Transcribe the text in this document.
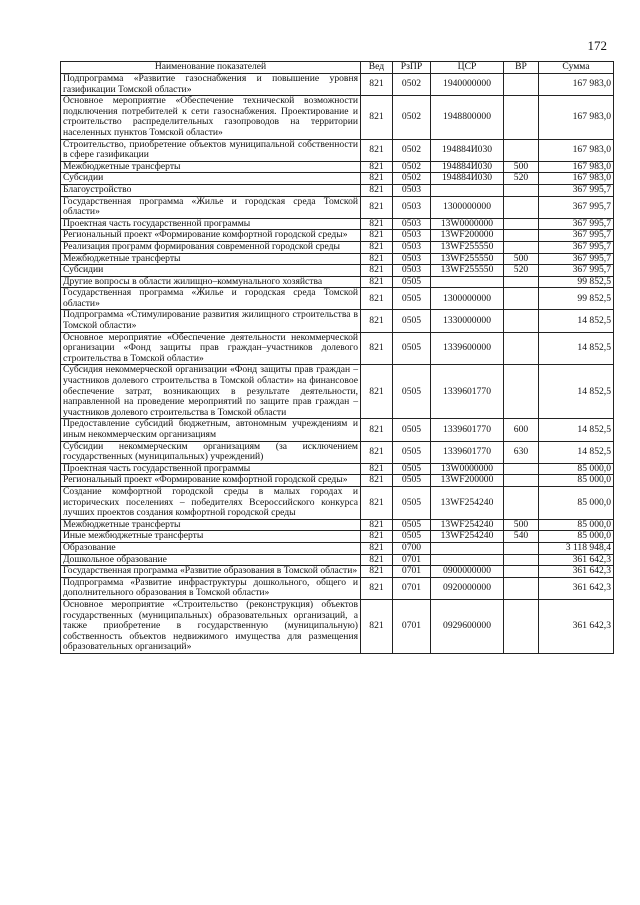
172
Наименование показателей	Вед	РзПР	ЦСР	ВР	Сумма
Подпрограмма «Развитие газоснабжения и повышение уровня газификации Томской области»	821	0502	1940000000		167 983,0
Основное мероприятие «Обеспечение технической возможности подключения потребителей к сети газоснабжения. Проектирование и строительство распределительных газопроводов на территории населенных пунктов Томской области»	821	0502	1948800000		167 983,0
Строительство, приобретение объектов муниципальной собственности в сфере газификации	821	0502	194884И030		167 983,0
Межбюджетные трансферты	821	0502	194884И030	500	167 983,0
Субсидии	821	0502	194884И030	520	167 983,0
Благоустройство	821	0503			367 995,7
Государственная программа «Жилье и городская среда Томской области»	821	0503	1300000000		367 995,7
Проектная часть государственной программы	821	0503	13W0000000		367 995,7
Региональный проект «Формирование комфортной городской среды»	821	0503	13WF200000		367 995,7
Реализация программ формирования современной городской среды	821	0503	13WF255550		367 995,7
Межбюджетные трансферты	821	0503	13WF255550	500	367 995,7
Субсидии	821	0503	13WF255550	520	367 995,7
Другие вопросы в области жилищно–коммунального хозяйства	821	0505			99 852,5
Государственная программа «Жилье и городская среда Томской области»	821	0505	1300000000		99 852,5
Подпрограмма «Стимулирование развития жилищного строительства в Томской области»	821	0505	1330000000		14 852,5
Основное мероприятие «Обеспечение деятельности некоммерческой организации «Фонд защиты прав граждан–участников долевого строительства в Томской области»	821	0505	1339600000		14 852,5
Субсидия некоммерческой организации «Фонд защиты прав граждан – участников долевого строительства в Томской области» на финансовое обеспечение затрат, возникающих в результате деятельности, направленной на проведение мероприятий по защите прав граждан – участников долевого строительства в Томской области	821	0505	1339601770		14 852,5
Предоставление субсидий бюджетным, автономным учреждениям и иным некоммерческим организациям	821	0505	1339601770	600	14 852,5
Субсидии некоммерческим организациям (за исключением государственных (муниципальных) учреждений)	821	0505	1339601770	630	14 852,5
Проектная часть государственной программы	821	0505	13W0000000		85 000,0
Региональный проект «Формирование комфортной городской среды»	821	0505	13WF200000		85 000,0
Создание комфортной городской среды в малых городах и исторических поселениях – победителях Всероссийского конкурса лучших проектов создания комфортной городской среды	821	0505	13WF254240		85 000,0
Межбюджетные трансферты	821	0505	13WF254240	500	85 000,0
Иные межбюджетные трансферты	821	0505	13WF254240	540	85 000,0
Образование	821	0700			3 118 948,4
Дошкольное образование	821	0701			361 642,3
Государственная программа «Развитие образования в Томской области»	821	0701	0900000000		361 642,3
Подпрограмма «Развитие инфраструктуры дошкольного, общего и дополнительного образования в Томской области»	821	0701	0920000000		361 642,3
Основное мероприятие «Строительство (реконструкция) объектов государственных (муниципальных) образовательных организаций, а также приобретение в государственную (муниципальную) собственность объектов недвижимого имущества для размещения образовательных организаций»	821	0701	0929600000		361 642,3
